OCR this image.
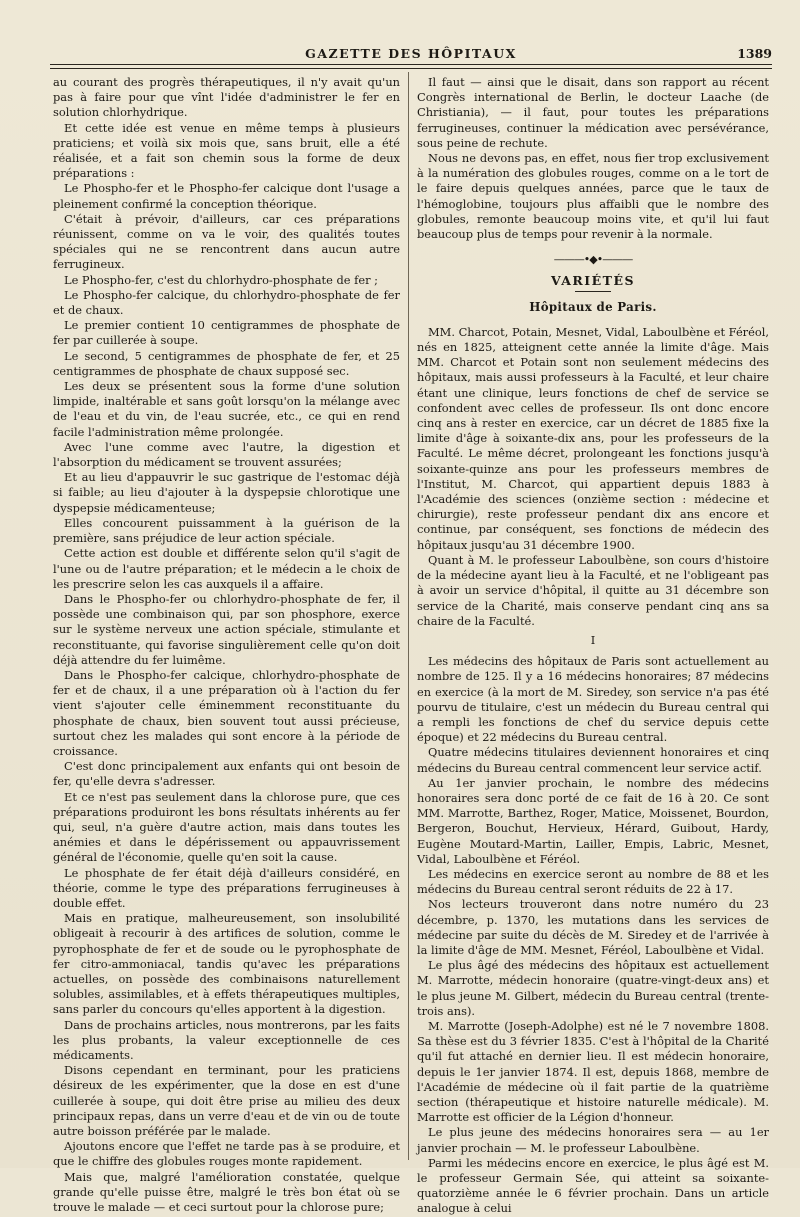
GAZETTE DES HÔPITAUX	1389

au courant des progrès thérapeutiques, il n'y avait qu'un pas à faire pour que vînt l'idée d'administrer le fer en solution chlorhydrique.

Et cette idée est venue en même temps à plusieurs praticiens; et voilà six mois que, sans bruit, elle a été réalisée, et a fait son chemin sous la forme de deux préparations :

Le Phospho-fer et le Phospho-fer calcique dont l'usage a pleinement confirmé la conception théorique.

C'était à prévoir, d'ailleurs, car ces préparations réunissent, comme on va le voir, des qualités toutes spéciales qui ne se rencontrent dans aucun autre ferrugineux.

Le Phospho-fer, c'est du chlorhydro-phosphate de fer ;

Le Phospho-fer calcique, du chlorhydro-phosphate de fer et de chaux.

Le premier contient 10 centigrammes de phosphate de fer par cuillerée à soupe.

Le second, 5 centigrammes de phosphate de fer, et 25 centigrammes de phosphate de chaux supposé sec.

Les deux se présentent sous la forme d'une solution limpide, inaltérable et sans goût lorsqu'on la mélange avec de l'eau et du vin, de l'eau sucrée, etc., ce qui en rend facile l'administration même prolongée.

Avec l'une comme avec l'autre, la digestion et l'absorption du médicament se trouvent assurées;

Et au lieu d'appauvrir le suc gastrique de l'estomac déjà si faible; au lieu d'ajouter à la dyspepsie chlorotique une dyspepsie médicamenteuse;

Elles concourent puissamment à la guérison de la première, sans préjudice de leur action spéciale.

Cette action est double et différente selon qu'il s'agit de l'une ou de l'autre préparation; et le médecin a le choix de les prescrire selon les cas auxquels il a affaire.

Dans le Phospho-fer ou chlorhydro-phosphate de fer, il possède une combinaison qui, par son phosphore, exerce sur le système nerveux une action spéciale, stimulante et reconstituante, qui favorise singulièrement celle qu'on doit déjà attendre du fer luimême.

Dans le Phospho-fer calcique, chlorhydro-phosphate de fer et de chaux, il a une préparation où à l'action du fer vient s'ajouter celle éminemment reconstituante du phosphate de chaux, bien souvent tout aussi précieuse, surtout chez les malades qui sont encore à la période de croissance.

C'est donc principalement aux enfants qui ont besoin de fer, qu'elle devra s'adresser.

Et ce n'est pas seulement dans la chlorose pure, que ces préparations produiront les bons résultats inhérents au fer qui, seul, n'a guère d'autre action, mais dans toutes les anémies et dans le dépérissement ou appauvrissement général de l'économie, quelle qu'en soit la cause.

Le phosphate de fer était déjà d'ailleurs considéré, en théorie, comme le type des préparations ferrugineuses à double effet.

Mais en pratique, malheureusement, son insolubilité obligeait à recourir à des artifices de solution, comme le pyrophosphate de fer et de soude ou le pyrophosphate de fer citro-ammoniacal, tandis qu'avec les préparations actuelles, on possède des combinaisons naturellement solubles, assimilables, et à effets thérapeutiques multiples, sans parler du concours qu'elles apportent à la digestion.

Dans de prochains articles, nous montrerons, par les faits les plus probants, la valeur exceptionnelle de ces médicaments.

Disons cependant en terminant, pour les praticiens désireux de les expérimenter, que la dose en est d'une cuillerée à soupe, qui doit être prise au milieu des deux principaux repas, dans un verre d'eau et de vin ou de toute autre boisson préférée par le malade.

Ajoutons encore que l'effet ne tarde pas à se produire, et que le chiffre des globules rouges monte rapidement.

Mais que, malgré l'amélioration constatée, quelque grande qu'elle puisse être, malgré le très bon état où se trouve le malade — et ceci surtout pour la chlorose pure;

Il faut — ainsi que le disait, dans son rapport au récent Congrès international de Berlin, le docteur Laache (de Christiania), — il faut, pour toutes les préparations ferrugineuses, continuer la médication avec persévérance, sous peine de rechute.

Nous ne devons pas, en effet, nous fier trop exclusivement à la numération des globules rouges, comme on a le tort de le faire depuis quelques années, parce que le taux de l'hémoglobine, toujours plus affaibli que le nombre des globules, remonte beaucoup moins vite, et qu'il lui faut beaucoup plus de temps pour revenir à la normale.

———•◆•———
VARIÉTÉS
Hôpitaux de Paris.

MM. Charcot, Potain, Mesnet, Vidal, Laboulbène et Féréol, nés en 1825, atteignent cette année la limite d'âge. Mais MM. Charcot et Potain sont non seulement médecins des hôpitaux, mais aussi professeurs à la Faculté, et leur chaire étant une clinique, leurs fonctions de chef de service se confondent avec celles de professeur. Ils ont donc encore cinq ans à rester en exercice, car un décret de 1885 fixe la limite d'âge à soixante-dix ans, pour les professeurs de la Faculté. Le même décret, prolongeant les fonctions jusqu'à soixante-quinze ans pour les professeurs membres de l'Institut, M. Charcot, qui appartient depuis 1883 à l'Académie des sciences (onzième section : médecine et chirurgie), reste professeur pendant dix ans encore et continue, par conséquent, ses fonctions de médecin des hôpitaux jusqu'au 31 décembre 1900.

Quant à M. le professeur Laboulbène, son cours d'histoire de la médecine ayant lieu à la Faculté, et ne l'obligeant pas à avoir un service d'hôpital, il quitte au 31 décembre son service de la Charité, mais conserve pendant cinq ans sa chaire de la Faculté.

I

Les médecins des hôpitaux de Paris sont actuellement au nombre de 125. Il y a 16 médecins honoraires; 87 médecins en exercice (à la mort de M. Siredey, son service n'a pas été pourvu de titulaire, c'est un médecin du Bureau central qui a rempli les fonctions de chef du service depuis cette époque) et 22 médecins du Bureau central.

Quatre médecins titulaires deviennent honoraires et cinq médecins du Bureau central commencent leur service actif.

Au 1er janvier prochain, le nombre des médecins honoraires sera donc porté de ce fait de 16 à 20. Ce sont MM. Marrotte, Barthez, Roger, Matice, Moissenet, Bourdon, Bergeron, Bouchut, Hervieux, Hérard, Guibout, Hardy, Eugène Moutard-Martin, Lailler, Empis, Labric, Mesnet, Vidal, Laboulbène et Féréol.

Les médecins en exercice seront au nombre de 88 et les médecins du Bureau central seront réduits de 22 à 17.

Nos lecteurs trouveront dans notre numéro du 23 décembre, p. 1370, les mutations dans les services de médecine par suite du décès de M. Siredey et de l'arrivée à la limite d'âge de MM. Mesnet, Féréol, Laboulbène et Vidal.

Le plus âgé des médecins des hôpitaux est actuellement M. Marrotte, médecin honoraire (quatre-vingt-deux ans) et le plus jeune M. Gilbert, médecin du Bureau central (trente-trois ans).

M. Marrotte (Joseph-Adolphe) est né le 7 novembre 1808. Sa thèse est du 3 février 1835. C'est à l'hôpital de la Charité qu'il fut attaché en dernier lieu. Il est médecin honoraire, depuis le 1er janvier 1874. Il est, depuis 1868, membre de l'Académie de médecine où il fait partie de la quatrième section (thérapeutique et histoire naturelle médicale). M. Marrotte est officier de la Légion d'honneur.

Le plus jeune des médecins honoraires sera — au 1er janvier prochain — M. le professeur Laboulbène.

Parmi les médecins encore en exercice, le plus âgé est M. le professeur Germain Sée, qui atteint sa soixante-quatorzième année le 6 février prochain. Dans un article analogue à celui
